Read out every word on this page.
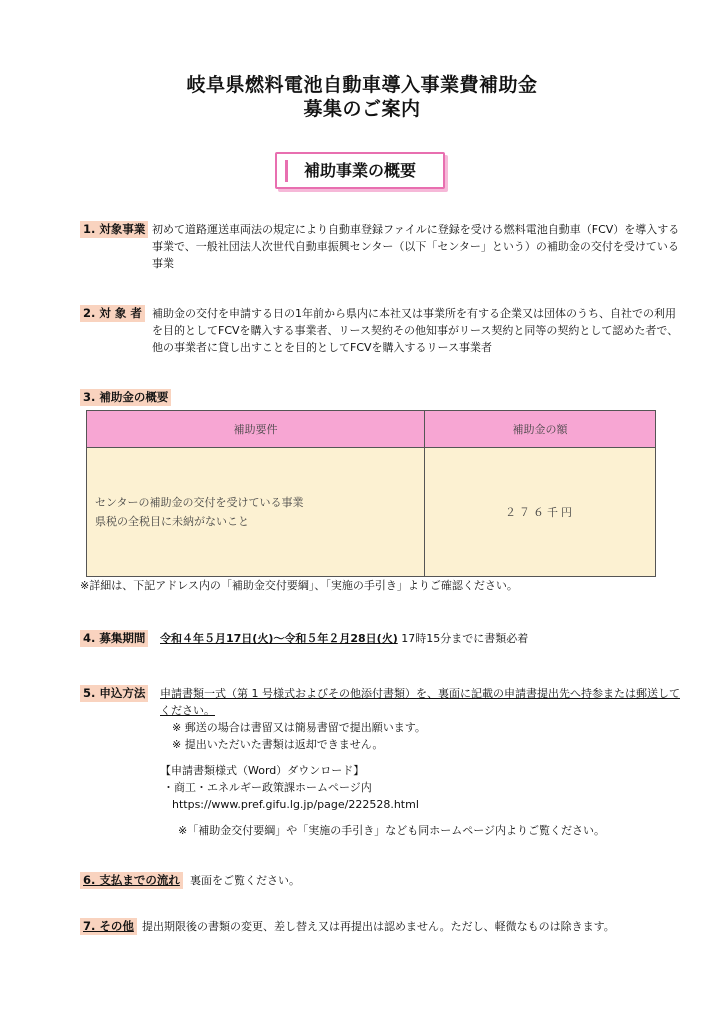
岐阜県燃料電池自動車導入事業費補助金
募集のご案内
補助事業の概要
1. 対象事業 初めて道路運送車両法の規定により自動車登録ファイルに登録を受ける燃料電池自動車（FCV）を導入する事業で、一般社団法人次世代自動車振興センター（以下「センター」という）の補助金の交付を受けている事業
2. 対 象 者 補助金の交付を申請する日の1年前から県内に本社又は事業所を有する企業又は団体のうち、自社での利用を目的としてFCVを購入する事業者、リース契約その他知事がリース契約と同等の契約として認めた者で、他の事業者に貸し出すことを目的としてFCVを購入するリース事業者
3. 補助金の概要
補助要件	補助金の額

センターの補助金の交付を受けている事業
県税の全税目に未納がないこと	２７６千円
※詳細は、下記アドレス内の「補助金交付要綱」、「実施の手引き」よりご確認ください。
4. 募集期間 令和４年５月17日(火)～令和５年２月28日(火) 17時15分までに書類必着
5. 申込方法 申請書類一式（第 1 号様式およびその他添付書類）を、裏面に記載の申請書提出先へ持参または郵送してください。
※ 郵送の場合は書留又は簡易書留で提出願います。
※ 提出いただいた書類は返却できません。
【申請書類様式（Word）ダウンロード】
・商工・エネルギー政策課ホームページ内
https://www.pref.gifu.lg.jp/page/222528.html
※「補助金交付要綱」や「実施の手引き」なども同ホームページ内よりご覧ください。
6. 支払までの流れ 裏面をご覧ください。
7. その他 提出期限後の書類の変更、差し替え又は再提出は認めません。ただし、軽微なものは除きます。
